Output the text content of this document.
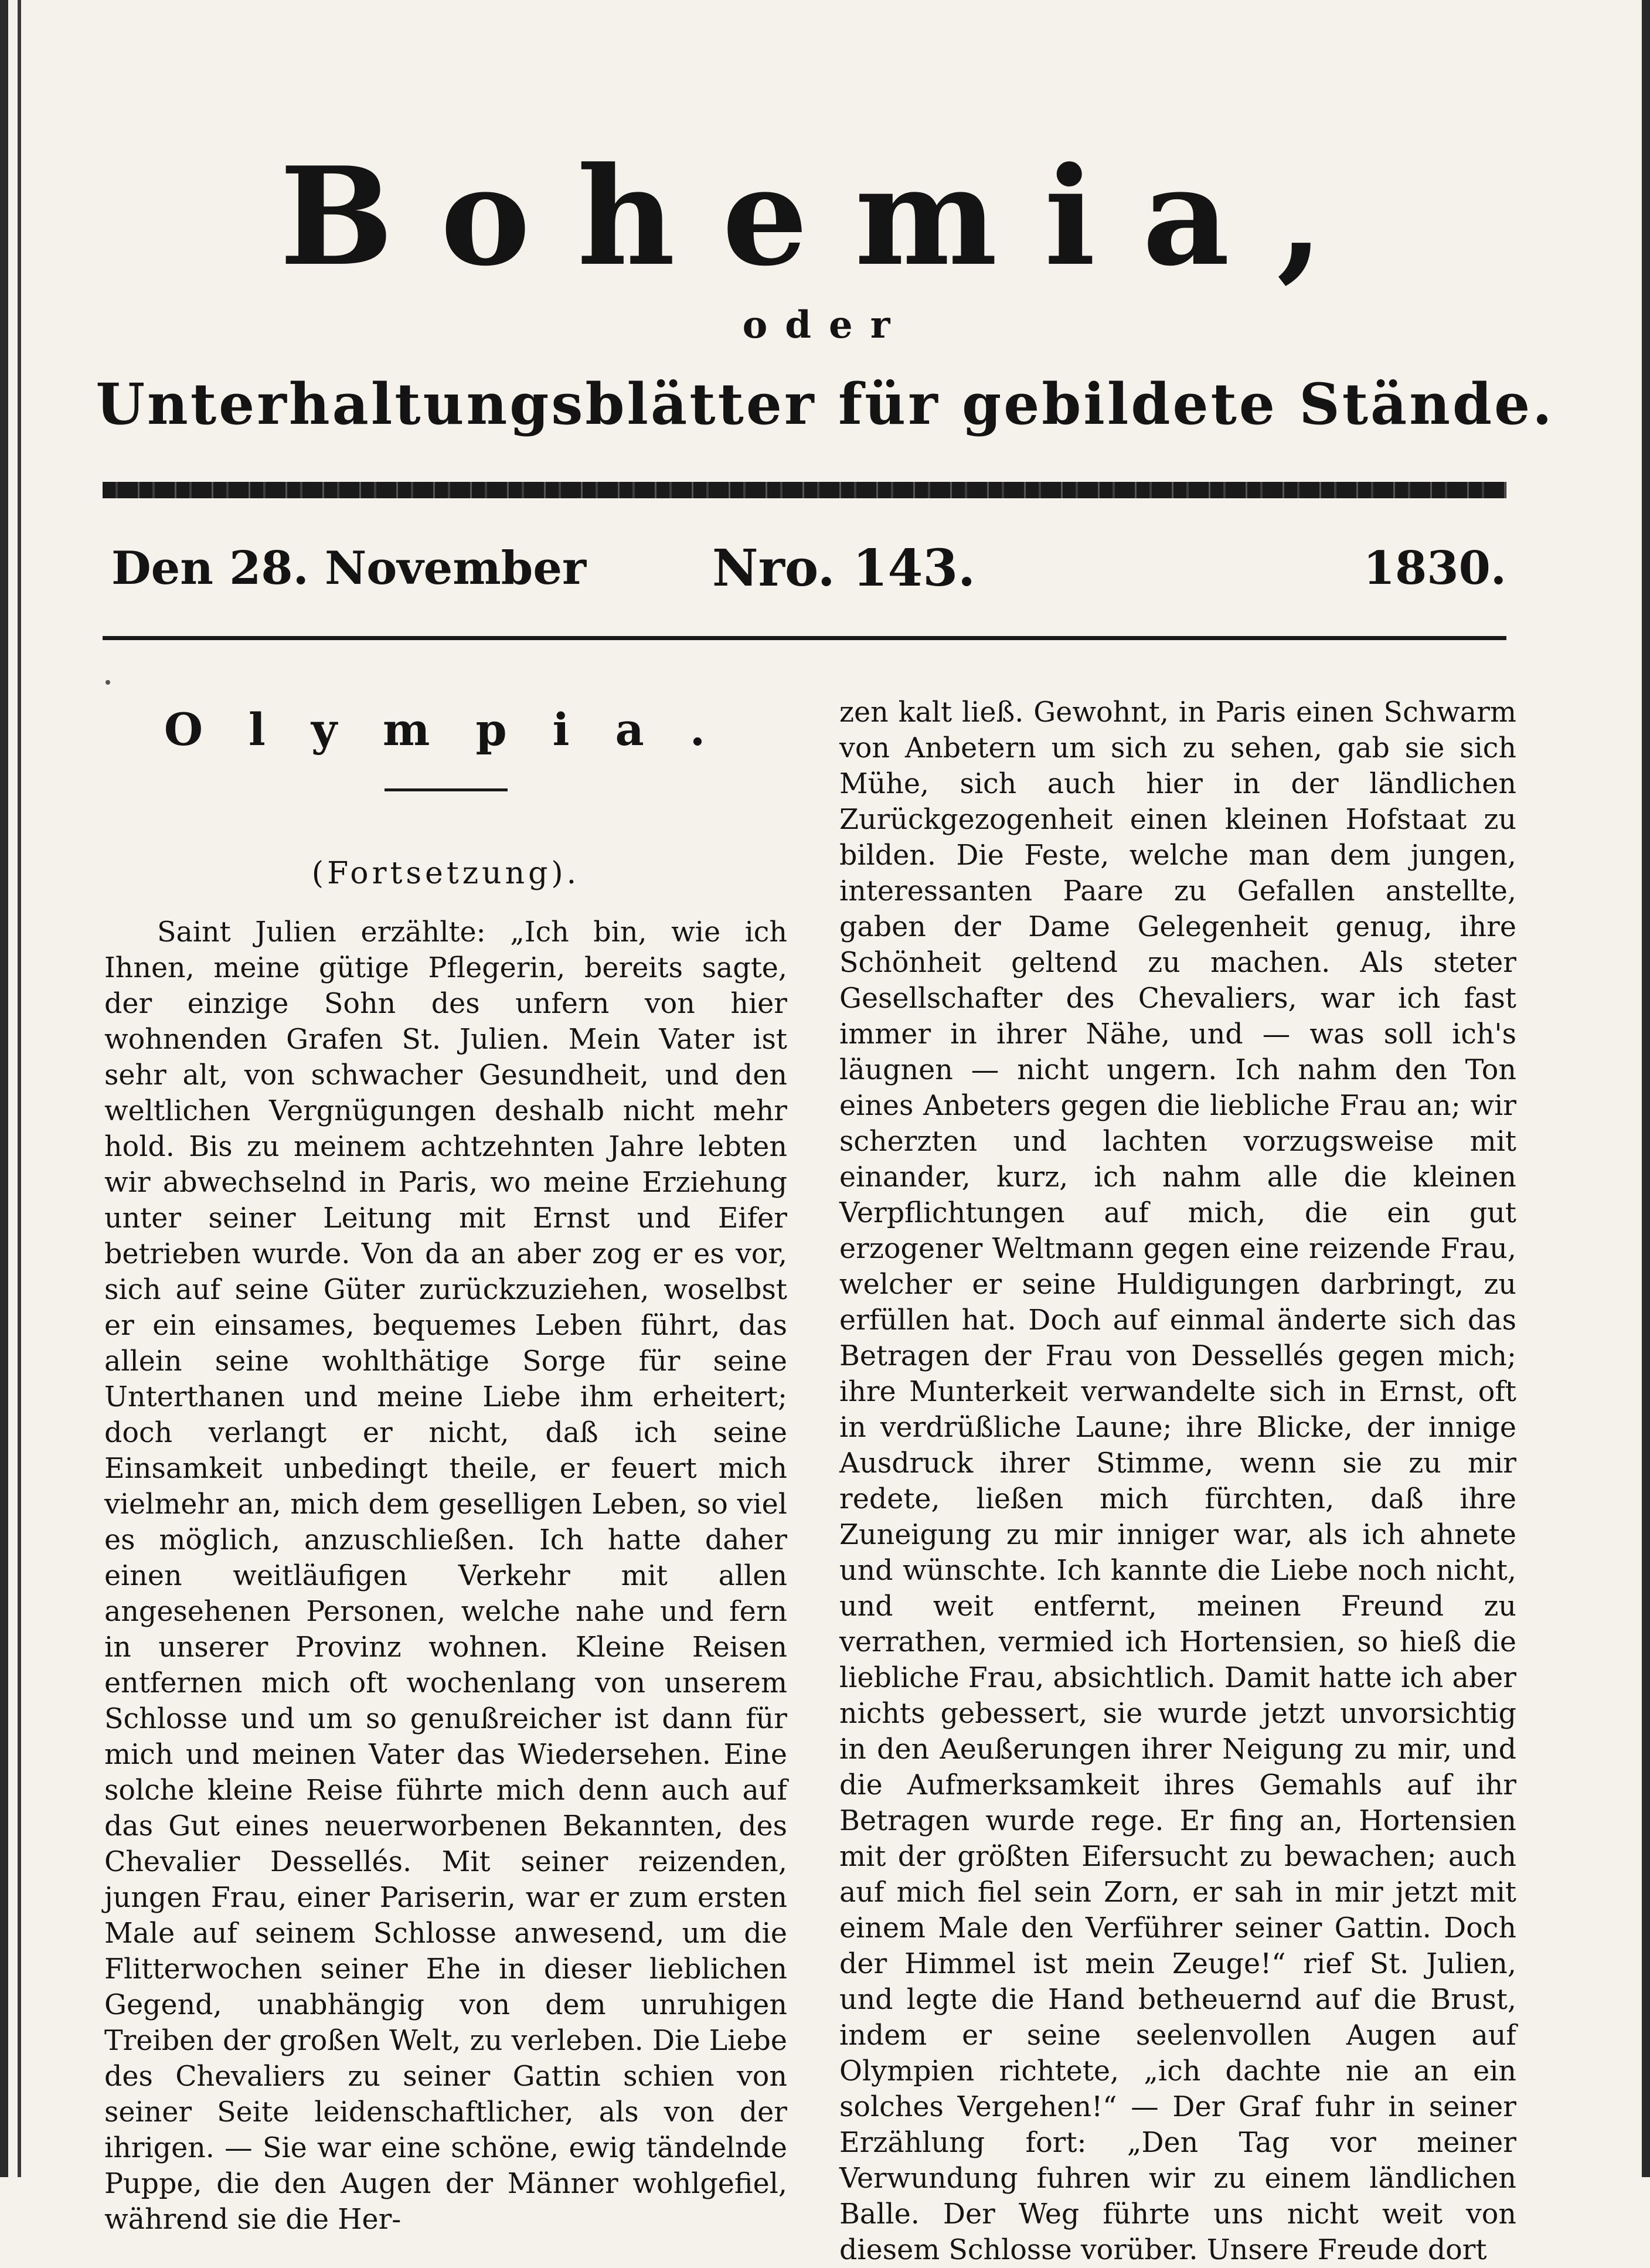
Bohemia,
oder
Unterhaltungsblätter für gebildete Stände.
Den 28. November Nro. 143.	1830.
Olympia.
(Fortsetzung).

Saint Julien erzählte: „Ich bin, wie ich Ihnen, meine gütige Pflegerin, bereits sagte, der einzige Sohn des unfern von hier wohnenden Grafen St. Julien. Mein Vater ist sehr alt, von schwacher Gesundheit, und den weltlichen Vergnügungen deshalb nicht mehr hold. Bis zu meinem achtzehnten Jahre lebten wir abwechselnd in Paris, wo meine Erziehung unter seiner Leitung mit Ernst und Eifer betrieben wurde. Von da an aber zog er es vor, sich auf seine Güter zurückzuziehen, woselbst er ein einsames, bequemes Leben führt, das allein seine wohlthätige Sorge für seine Unterthanen und meine Liebe ihm erheitert; doch verlangt er nicht, daß ich seine Einsamkeit unbedingt theile, er feuert mich vielmehr an, mich dem geselligen Leben, so viel es möglich, anzuschließen. Ich hatte daher einen weitläufigen Verkehr mit allen angesehenen Personen, welche nahe und fern in unserer Provinz wohnen. Kleine Reisen entfernen mich oft wochenlang von unserem Schlosse und um so genußreicher ist dann für mich und meinen Vater das Wiedersehen. Eine solche kleine Reise führte mich denn auch auf das Gut eines neuerworbenen Bekannten, des Chevalier Dessellés. Mit seiner reizenden, jungen Frau, einer Pariserin, war er zum ersten Male auf seinem Schlosse anwesend, um die Flitterwochen seiner Ehe in dieser lieblichen Gegend, unabhängig von dem unruhigen Treiben der großen Welt, zu verleben. Die Liebe des Chevaliers zu seiner Gattin schien von seiner Seite leidenschaftlicher, als von der ihrigen. — Sie war eine schöne, ewig tändelnde Puppe, die den Augen der Männer wohlgefiel, während sie die Her-

zen kalt ließ. Gewohnt, in Paris einen Schwarm von Anbetern um sich zu sehen, gab sie sich Mühe, sich auch hier in der ländlichen Zurückgezogenheit einen kleinen Hofstaat zu bilden. Die Feste, welche man dem jungen, interessanten Paare zu Gefallen anstellte, gaben der Dame Gelegenheit genug, ihre Schönheit geltend zu machen. Als steter Gesellschafter des Chevaliers, war ich fast immer in ihrer Nähe, und — was soll ich's läugnen — nicht ungern. Ich nahm den Ton eines Anbeters gegen die liebliche Frau an; wir scherzten und lachten vorzugsweise mit einander, kurz, ich nahm alle die kleinen Verpflichtungen auf mich, die ein gut erzogener Weltmann gegen eine reizende Frau, welcher er seine Huldigungen darbringt, zu erfüllen hat. Doch auf einmal änderte sich das Betragen der Frau von Dessellés gegen mich; ihre Munterkeit verwandelte sich in Ernst, oft in verdrüßliche Laune; ihre Blicke, der innige Ausdruck ihrer Stimme, wenn sie zu mir redete, ließen mich fürchten, daß ihre Zuneigung zu mir inniger war, als ich ahnete und wünschte. Ich kannte die Liebe noch nicht, und weit entfernt, meinen Freund zu verrathen, vermied ich Hortensien, so hieß die liebliche Frau, absichtlich. Damit hatte ich aber nichts gebessert, sie wurde jetzt unvorsichtig in den Aeußerungen ihrer Neigung zu mir, und die Aufmerksamkeit ihres Gemahls auf ihr Betragen wurde rege. Er fing an, Hortensien mit der größten Eifersucht zu bewachen; auch auf mich fiel sein Zorn, er sah in mir jetzt mit einem Male den Verführer seiner Gattin. Doch der Himmel ist mein Zeuge!“ rief St. Julien, und legte die Hand betheuernd auf die Brust, indem er seine seelenvollen Augen auf Olympien richtete, „ich dachte nie an ein solches Vergehen!“ — Der Graf fuhr in seiner Erzählung fort: „Den Tag vor meiner Verwundung fuhren wir zu einem ländlichen Balle. Der Weg führte uns nicht weit von diesem Schlosse vorüber. Unsere Freude dort
